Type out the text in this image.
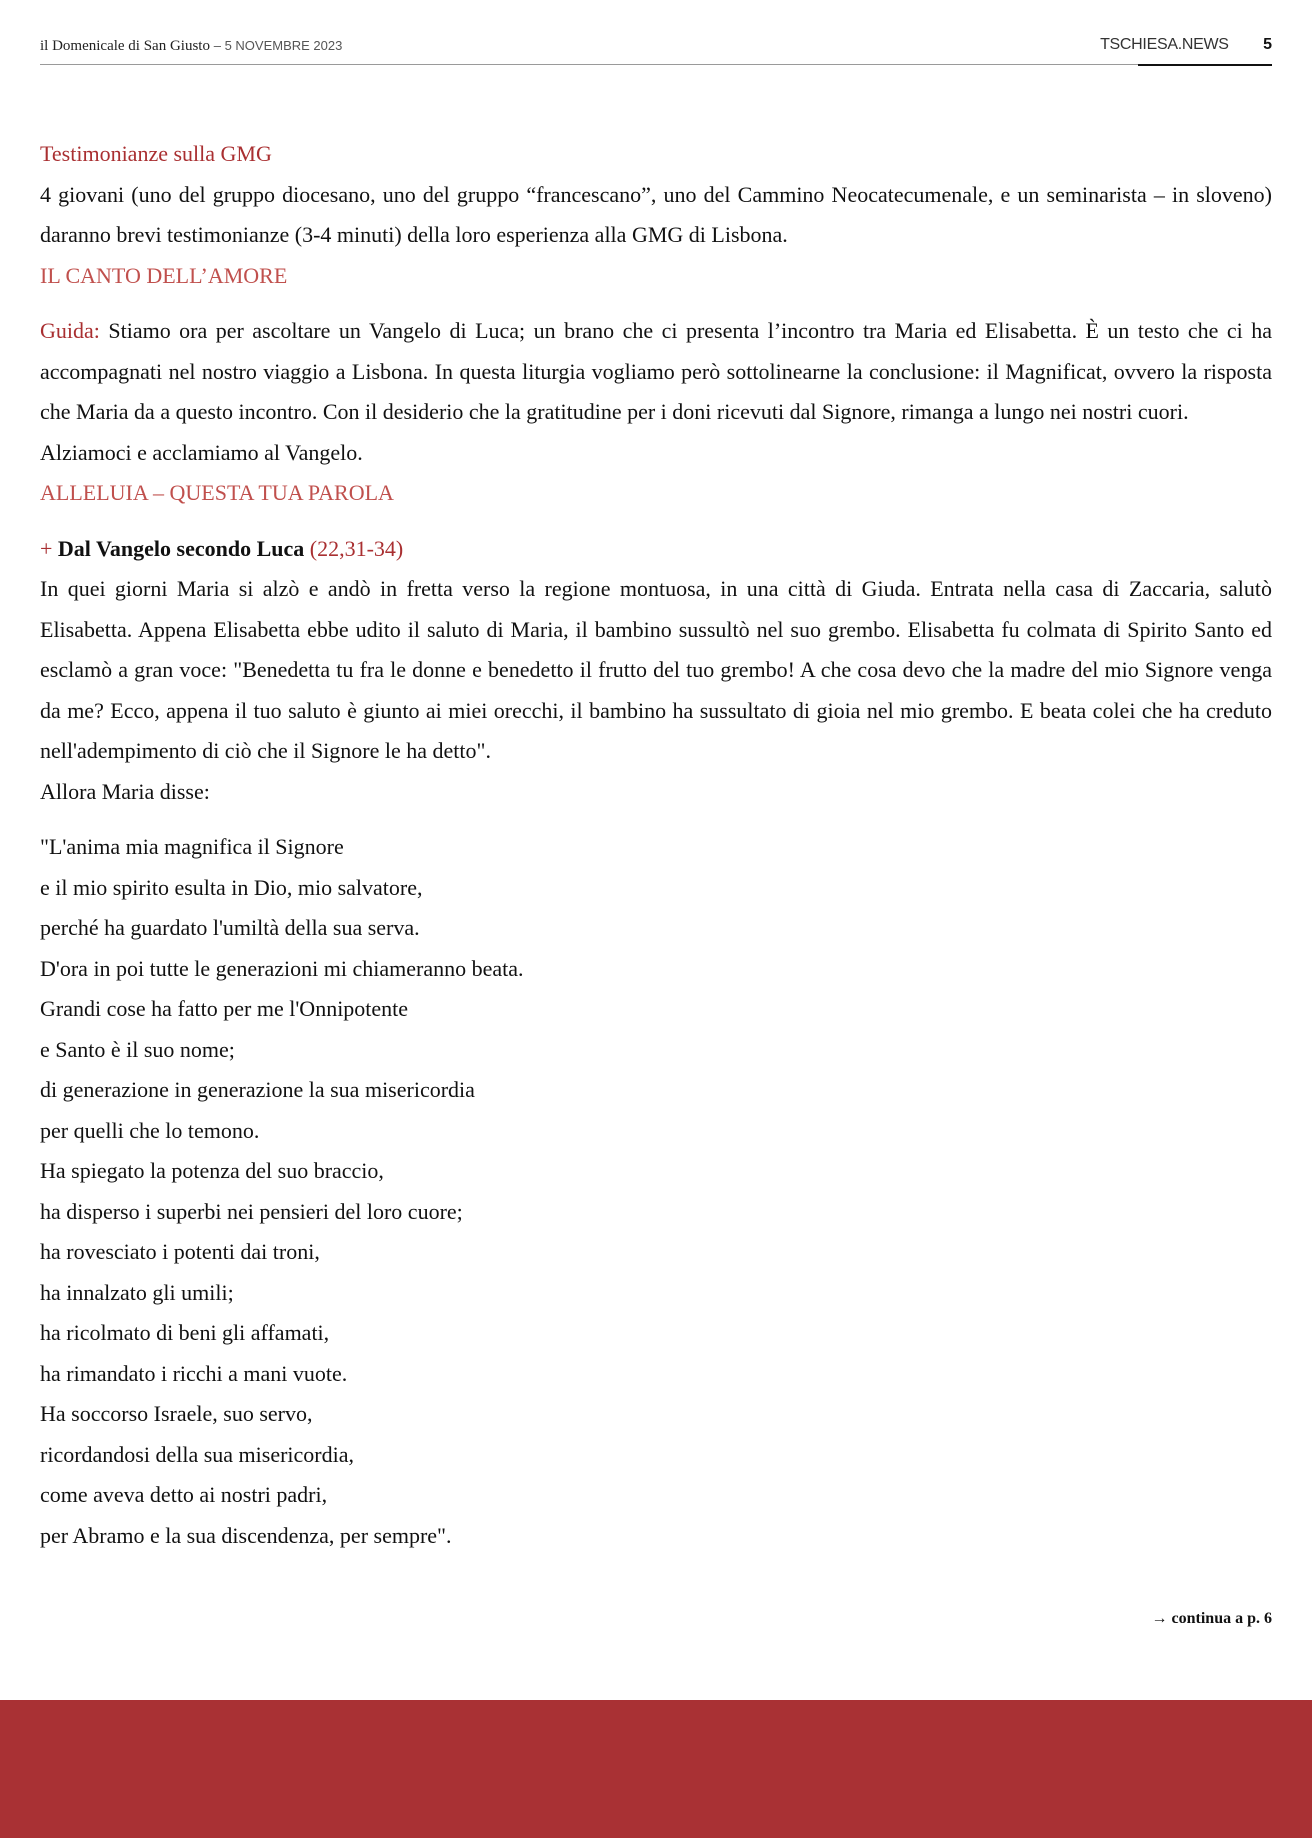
il Domenicale di San Giusto – 5 NOVEMBRE 2023	TSCHIESA.NEWS 5

Testimonianze sulla GMG

4 giovani (uno del gruppo diocesano, uno del gruppo “francescano”, uno del Cammino Neocatecumenale, e un seminarista – in sloveno) daranno brevi testimonianze (3-4 minuti) della loro esperienza alla GMG di Lisbona.

IL CANTO DELL’AMORE

Guida: Stiamo ora per ascoltare un Vangelo di Luca; un brano che ci presenta l’incontro tra Maria ed Elisabetta. È un testo che ci ha accompagnati nel nostro viaggio a Lisbona. In questa liturgia vogliamo però sottolinearne la conclusione: il Magnificat, ovvero la risposta che Maria da a questo incontro. Con il desiderio che la gratitudine per i doni ricevuti dal Signore, rimanga a lungo nei nostri cuori.

Alziamoci e acclamiamo al Vangelo.

ALLELUIA – QUESTA TUA PAROLA

+ Dal Vangelo secondo Luca (22,31-34)

In quei giorni Maria si alzò e andò in fretta verso la regione montuosa, in una città di Giuda. Entrata nella casa di Zaccaria, salutò Elisabetta. Appena Elisabetta ebbe udito il saluto di Maria, il bambino sussultò nel suo grembo. Elisabetta fu colmata di Spirito Santo ed esclamò a gran voce: "Benedetta tu fra le donne e benedetto il frutto del tuo grembo! A che cosa devo che la madre del mio Signore venga da me? Ecco, appena il tuo saluto è giunto ai miei orecchi, il bambino ha sussultato di gioia nel mio grembo. E beata colei che ha creduto nell'adempimento di ciò che il Signore le ha detto".

Allora Maria disse:

"L'anima mia magnifica il Signore

e il mio spirito esulta in Dio, mio salvatore,

perché ha guardato l'umiltà della sua serva.

D'ora in poi tutte le generazioni mi chiameranno beata.

Grandi cose ha fatto per me l'Onnipotente

e Santo è il suo nome;

di generazione in generazione la sua misericordia

per quelli che lo temono.

Ha spiegato la potenza del suo braccio,

ha disperso i superbi nei pensieri del loro cuore;

ha rovesciato i potenti dai troni,

ha innalzato gli umili;

ha ricolmato di beni gli affamati,

ha rimandato i ricchi a mani vuote.

Ha soccorso Israele, suo servo,

ricordandosi della sua misericordia,

come aveva detto ai nostri padri,

per Abramo e la sua discendenza, per sempre".

→ continua a p. 6
